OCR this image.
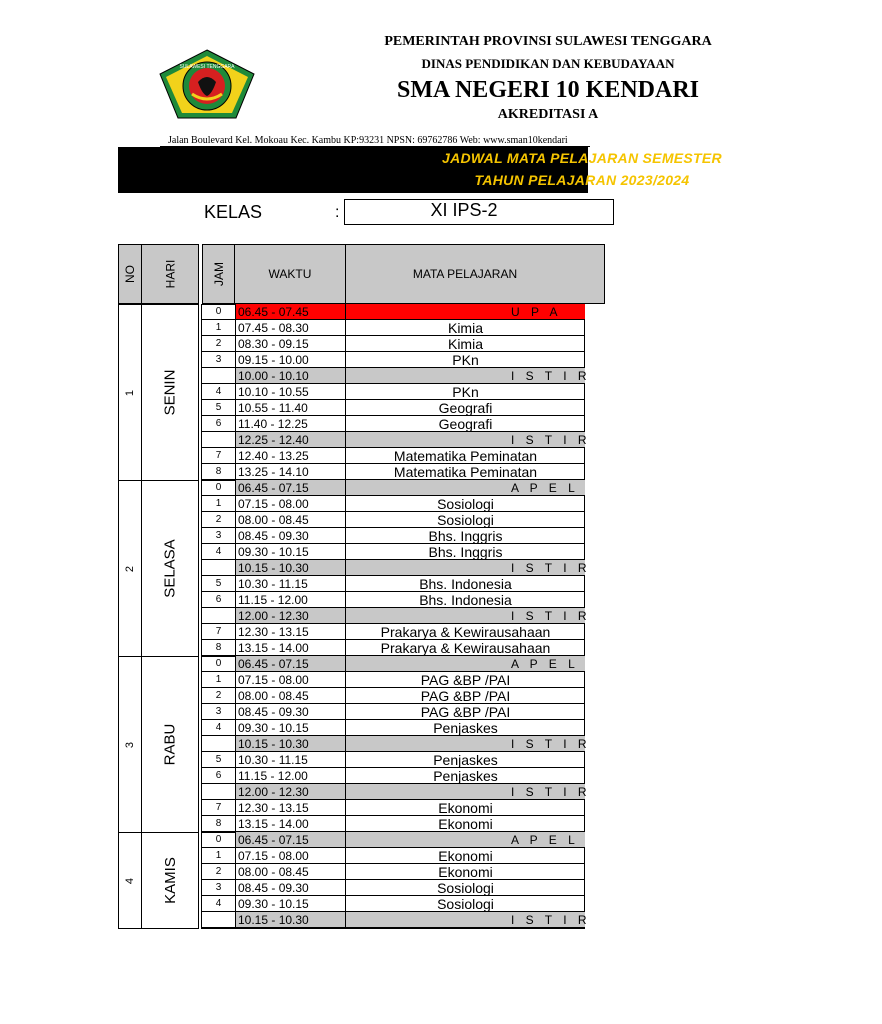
SULAWESI TENGGARA
PEMERINTAH PROVINSI SULAWESI TENGGARA
DINAS PENDIDIKAN DAN KEBUDAYAAN
SMA NEGERI 10 KENDARI
AKREDITASI A
Jalan Boulevard Kel. Mokoau Kec. Kambu KP:93231 NPSN: 69762786 Web: www.sman10kendari
JADWAL MATA PELAJARAN SEMESTER
TAHUN PELAJARAN 2023/2024
KELAS	:	XI IPS-2
NO HARI	JAM	WAKTU	MATA PELAJARAN
1 SENIN
0	06.45 - 07.45	U P A
1	07.45 - 08.30	Kimia
2	08.30 - 09.15	Kimia
3	09.15 - 10.00	PKn
10.00 - 10.10	I S T I R
4	10.10 - 10.55	PKn
5	10.55 - 11.40	Geografi
6	11.40 - 12.25	Geografi
12.25 - 12.40	I S T I R
7	12.40 - 13.25	Matematika Peminatan
8	13.25 - 14.10	Matematika Peminatan
2 SELASA
0	06.45 - 07.15	A P E L
1	07.15 - 08.00	Sosiologi
2	08.00 - 08.45	Sosiologi
3	08.45 - 09.30	Bhs. Inggris
4	09.30 - 10.15	Bhs. Inggris
10.15 - 10.30	I S T I R
5	10.30 - 11.15	Bhs. Indonesia
6	11.15 - 12.00	Bhs. Indonesia
12.00 - 12.30	I S T I R
7	12.30 - 13.15	Prakarya & Kewirausahaan
8	13.15 - 14.00	Prakarya & Kewirausahaan
3 RABU
0	06.45 - 07.15	A P E L
1	07.15 - 08.00	PAG &BP /PAI
2	08.00 - 08.45	PAG &BP /PAI
3	08.45 - 09.30	PAG &BP /PAI
4	09.30 - 10.15	Penjaskes
10.15 - 10.30	I S T I R
5	10.30 - 11.15	Penjaskes
6	11.15 - 12.00	Penjaskes
12.00 - 12.30	I S T I R
7	12.30 - 13.15	Ekonomi
8	13.15 - 14.00	Ekonomi
4 KAMIS
0	06.45 - 07.15	A P E L
1	07.15 - 08.00	Ekonomi
2	08.00 - 08.45	Ekonomi
3	08.45 - 09.30	Sosiologi
4	09.30 - 10.15	Sosiologi
10.15 - 10.30	I S T I R
